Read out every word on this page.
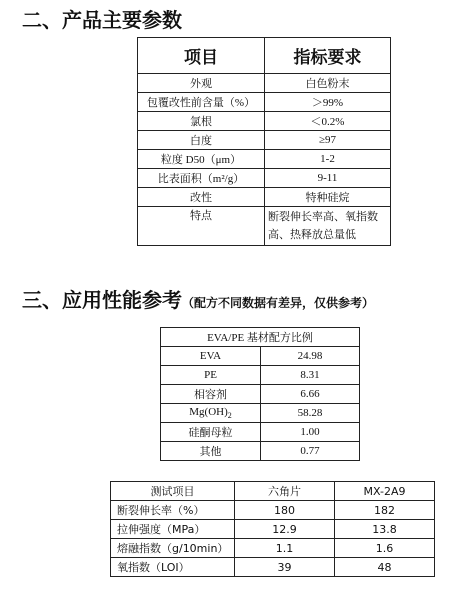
二、产品主要参数
项目	指标要求
外观	白色粉末
包覆改性前含量（%）	＞99%
氯根	＜0.2%
白度	≥97
粒度 D50（μm）	1-2
比表面积（m²/g）	9-11
改性	特种硅烷
特点	断裂伸长率高、氧指数高、热释放总量低
三、应用性能参考（配方不同数据有差异，仅供参考）
EVA/PE 基材配方比例	
EVA	24.98
PE	8.31
相容剂	6.66
$Mg(OH)_2$	58.28
硅酮母粒	1.00
其他	0.77
测试项目	六角片	MX-2A9
断裂伸长率（%）	180	182
拉伸强度（MPa）	12.9	13.8
熔融指数（g/10min）	1.1	1.6
氧指数（LOI）	39	48
